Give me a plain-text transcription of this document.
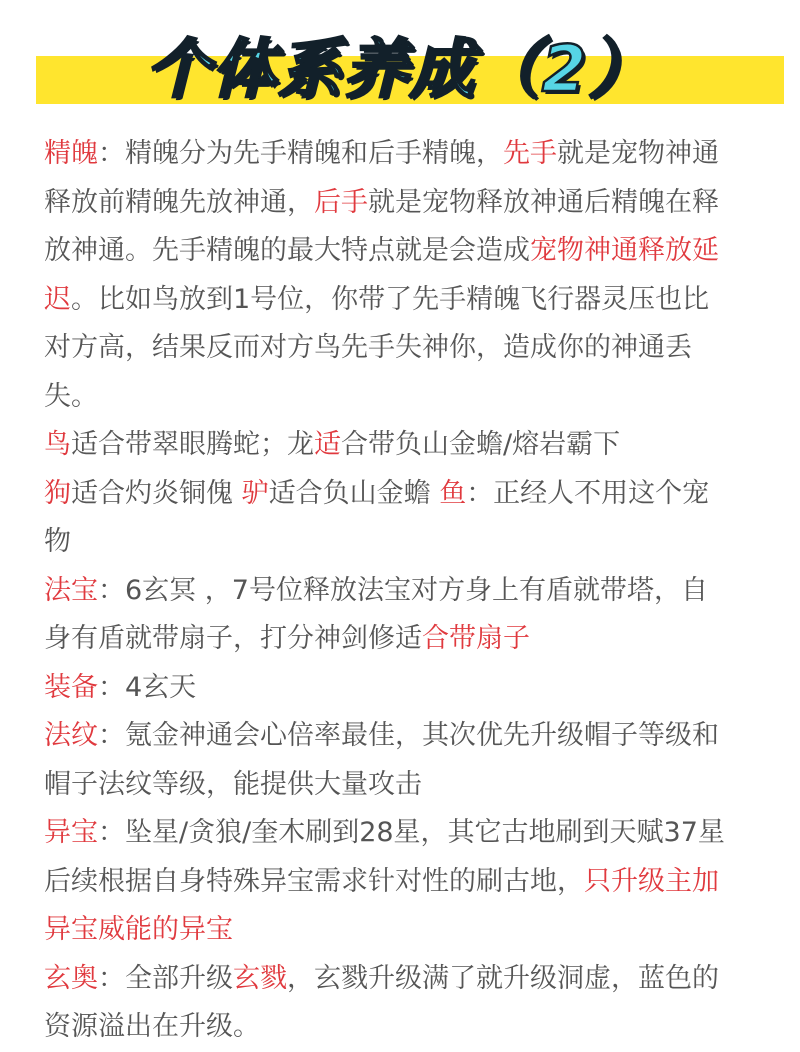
个体系养成（2）

精魄：精魄分为先手精魄和后手精魄，先手就是宠物神通
释放前精魄先放神通，后手就是宠物释放神通后精魄在释
放神通。先手精魄的最大特点就是会造成宠物神通释放延
迟。比如鸟放到1号位，你带了先手精魄飞行器灵压也比
对方高，结果反而对方鸟先手失神你，造成你的神通丢
失。

鸟适合带翠眼腾蛇；龙适合带负山金蟾/熔岩霸下

狗适合灼炎铜傀 驴适合负山金蟾 鱼：正经人不用这个宠
物

法宝：6玄冥 ，7号位释放法宝对方身上有盾就带塔，自
身有盾就带扇子，打分神剑修适合带扇子

装备：4玄天

法纹：氪金神通会心倍率最佳，其次优先升级帽子等级和
帽子法纹等级，能提供大量攻击

异宝：坠星/贪狼/奎木刷到28星，其它古地刷到天赋37星
后续根据自身特殊异宝需求针对性的刷古地，只升级主加
异宝威能的异宝

玄奥：全部升级玄戮，玄戮升级满了就升级洞虚，蓝色的
资源溢出在升级。
